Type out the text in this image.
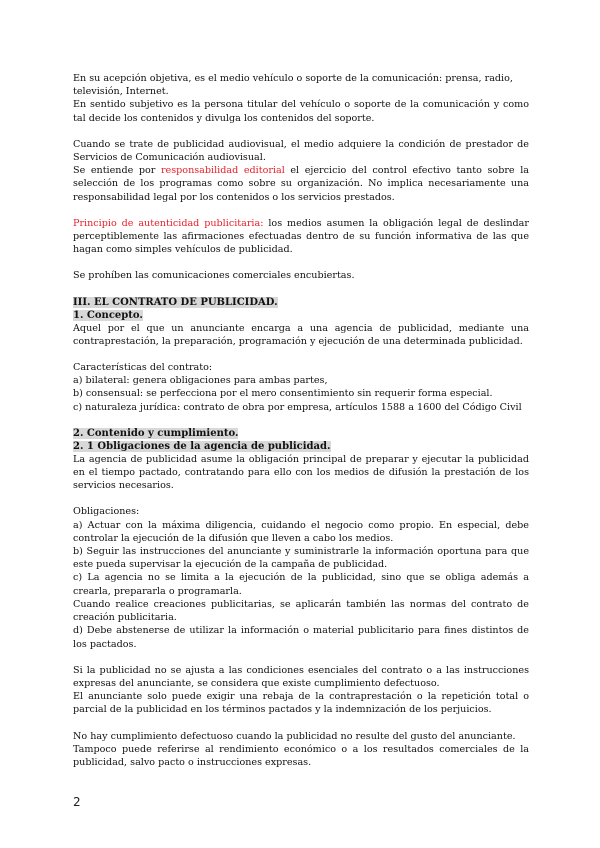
En su acepción objetiva, es el medio vehículo o soporte de la comunicación: prensa, radio,

televisión, Internet.

En sentido subjetivo es la persona titular del vehículo o soporte de la comunicación y como tal decide los contenidos y divulga los contenidos del soporte.

Cuando se trate de publicidad audiovisual, el medio adquiere la condición de prestador de Servicios de Comunicación audiovisual.

Se entiende por responsabilidad editorial el ejercicio del control efectivo tanto sobre la selección de los programas como sobre su organización. No implica necesariamente una responsabilidad legal por los contenidos o los servicios prestados.

Principio de autenticidad publicitaria: los medios asumen la obligación legal de deslindar perceptiblemente las afirmaciones efectuadas dentro de su función informativa de las que hagan como simples vehículos de publicidad.

Se prohíben las comunicaciones comerciales encubiertas.

III. EL CONTRATO DE PUBLICIDAD.

1. Concepto.

Aquel por el que un anunciante encarga a una agencia de publicidad, mediante una contraprestación, la preparación, programación y ejecución de una determinada publicidad.

Características del contrato:

a) bilateral: genera obligaciones para ambas partes,

b) consensual: se perfecciona por el mero consentimiento sin requerir forma especial.

c) naturaleza jurídica: contrato de obra por empresa, artículos 1588 a 1600 del Código Civil

2. Contenido y cumplimiento.

2. 1 Obligaciones de la agencia de publicidad.

La agencia de publicidad asume la obligación principal de preparar y ejecutar la publicidad en el tiempo pactado, contratando para ello con los medios de difusión la prestación de los servicios necesarios.

Obligaciones:

a) Actuar con la máxima diligencia, cuidando el negocio como propio. En especial, debe controlar la ejecución de la difusión que lleven a cabo los medios.

b) Seguir las instrucciones del anunciante y suministrarle la información oportuna para que este pueda supervisar la ejecución de la campaña de publicidad.

c) La agencia no se limita a la ejecución de la publicidad, sino que se obliga además a crearla, prepararla o programarla.

Cuando realice creaciones publicitarias, se aplicarán también las normas del contrato de creación publicitaria.

d) Debe abstenerse de utilizar la información o material publicitario para fines distintos de los pactados.

Si la publicidad no se ajusta a las condiciones esenciales del contrato o a las instrucciones expresas del anunciante, se considera que existe cumplimiento defectuoso.

El anunciante solo puede exigir una rebaja de la contraprestación o la repetición total o parcial de la publicidad en los términos pactados y la indemnización de los perjuicios.

No hay cumplimiento defectuoso cuando la publicidad no resulte del gusto del anunciante.

Tampoco puede referirse al rendimiento económico o a los resultados comerciales de la publicidad, salvo pacto o instrucciones expresas.

2
